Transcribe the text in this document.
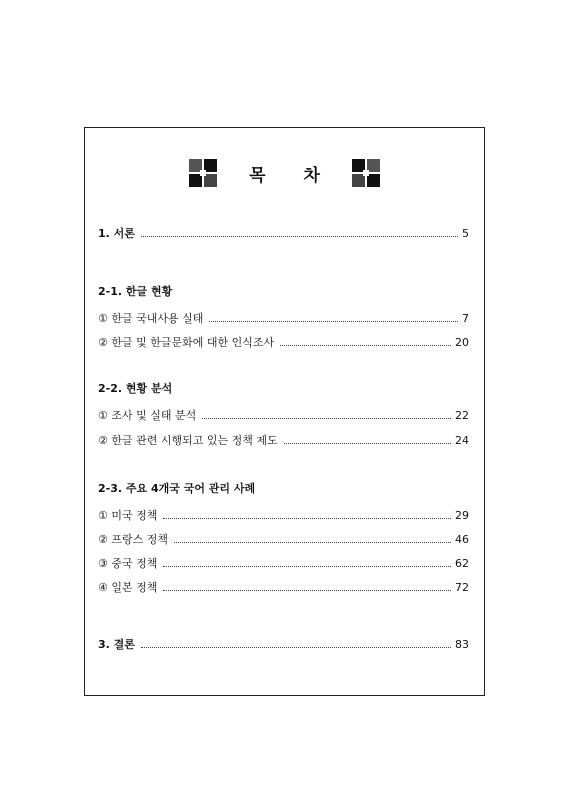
목 차
1. 서론	5
2-1. 한글 현황
① 한글 국내사용 실태	7
② 한글 및 한글문화에 대한 인식조사	20
2-2. 현황 분석
① 조사 및 실태 분석	22
② 한글 관련 시행되고 있는 정책 제도	24
2-3. 주요 4개국 국어 관리 사례
① 미국 정책	29
② 프랑스 정책	46
③ 중국 정책	62
④ 일본 정책	72
3. 결론	83
